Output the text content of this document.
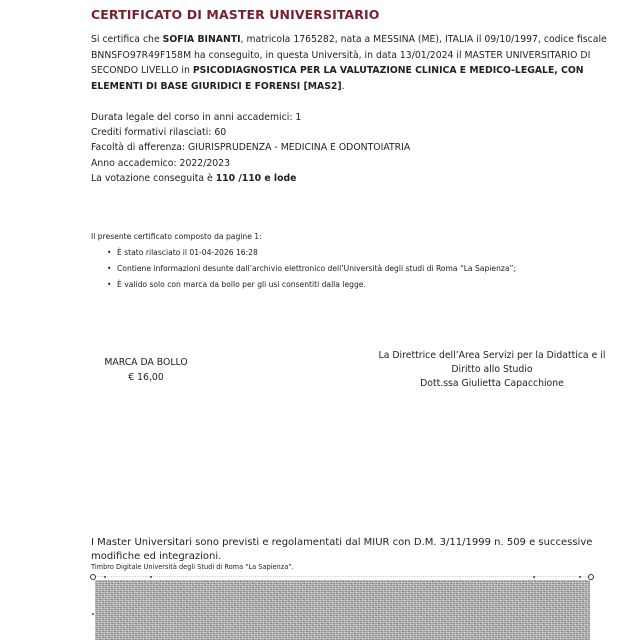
CERTIFICATO DI MASTER UNIVERSITARIO
Si certifica che SOFIA BINANTI, matricola 1765282, nata a MESSINA (ME), ITALIA il 09/10/1997, codice fiscale BNNSFO97R49F158M ha conseguito, in questa Università, in data 13/01/2024 il MASTER UNIVERSITARIO DI SECONDO LIVELLO in PSICODIAGNOSTICA PER LA VALUTAZIONE CLINICA E MEDICO-LEGALE, CON ELEMENTI DI BASE GIURIDICI E FORENSI [MAS2].
Durata legale del corso in anni accademici: 1
Crediti formativi rilasciati: 60
Facoltà di afferenza: GIURISPRUDENZA - MEDICINA E ODONTOIATRIA
Anno accademico: 2022/2023
La votazione conseguita è 110 /110 e lode
Il presente certificato composto da pagine 1:
• È stato rilasciato il 01-04-2026 16:28
• Contiene informazioni desunte dall’archivio elettronico dell’Università degli studi di Roma “La Sapienza”;
• È valido solo con marca da bollo per gli usi consentiti dalla legge.
MARCA DA BOLLO
€ 16,00
La Direttrice dell’Area Servizi per la Didattica e il
Diritto allo Studio
Dott.ssa Giulietta Capacchione
I Master Universitari sono previsti e regolamentati dal MIUR con D.M. 3/11/1999 n. 509 e successive modifiche ed integrazioni.
Timbro Digitale Università degli Studi di Roma “La Sapienza”.
